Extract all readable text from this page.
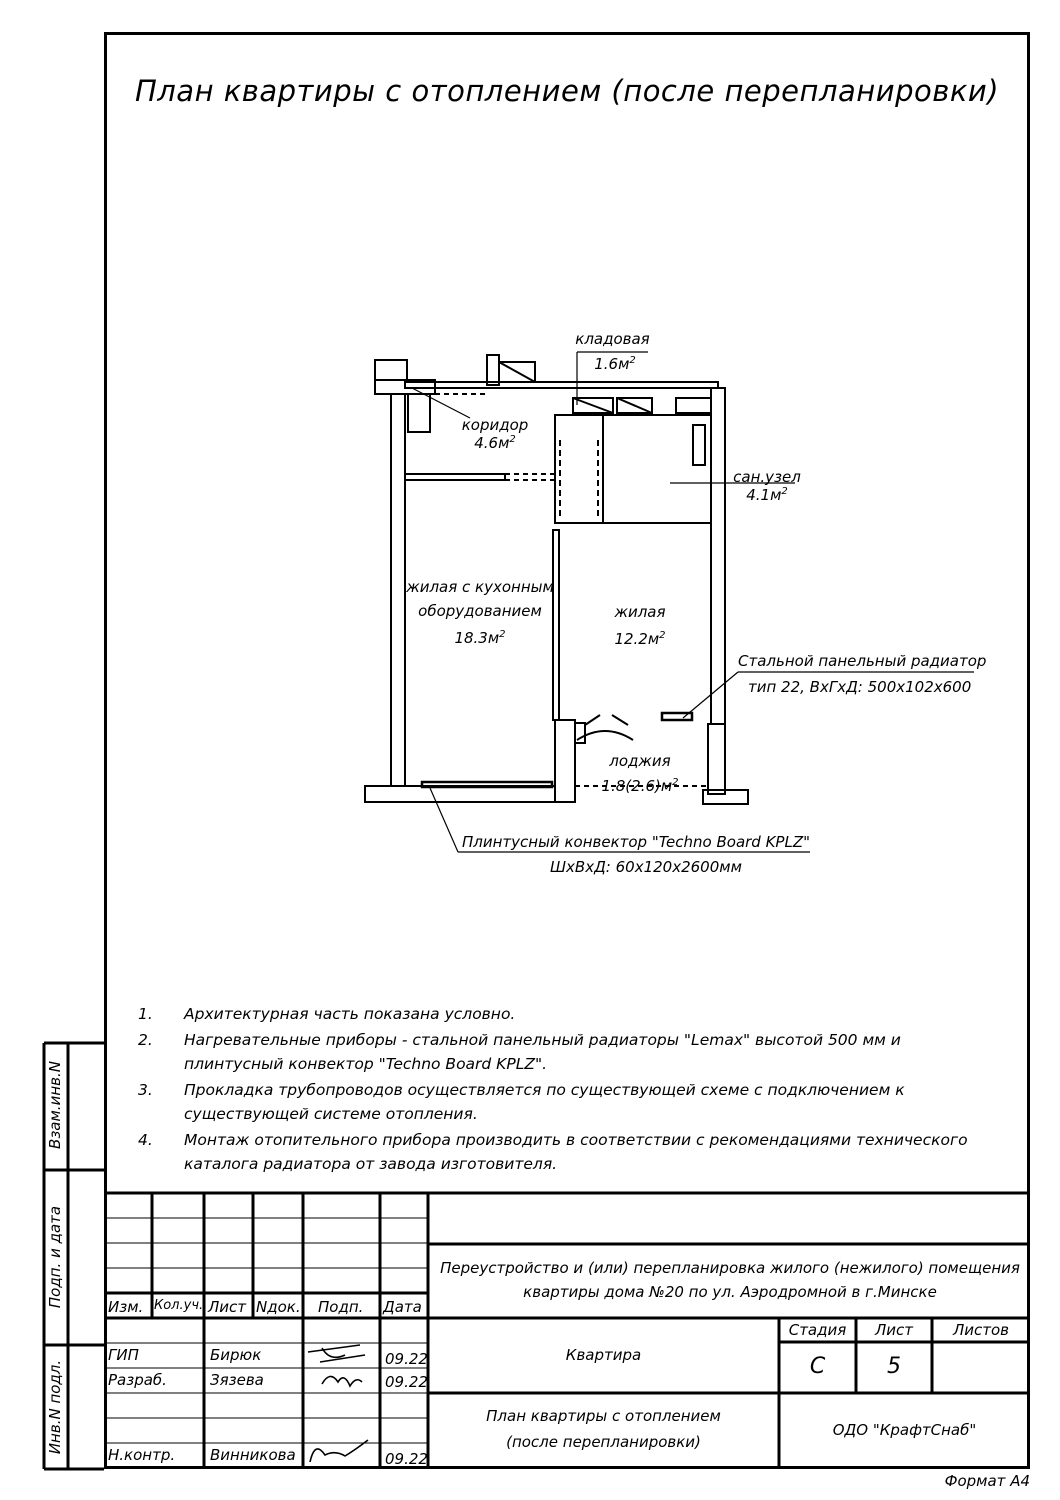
План квартиры с отоплением (после перепланировки)
кладовая
$1.6м^2$
коридор
$4.6м^2$
сан.узел
$4.1м^2$
жилая с кухонным
оборудованием
$18.3м^2$
жилая
$12.2м^2$
лоджия
$1.8(2.6)м^2$
Стальной панельный радиатор
тип 22, ВхГхД: 500х102х600
Плинтусный конвектор "Techno Board KPLZ"
ШхВхД: 60х120х2600мм
1.	Архитектурная часть показана условно.
2.	Нагревательные приборы - стальной панельный радиаторы "Lemax" высотой 500 мм и плинтусный конвектор "Techno Board KPLZ".
3.	Прокладка трубопроводов осуществляется по существующей схеме с подключением к существующей системе отопления.
4.	Монтаж отопительного прибора производить в соответствии с рекомендациями технического каталога радиатора от завода изготовителя.
Взам.инв.N
Подп. и дата
Инв.N подл.
Изм. Кол.уч. Лист Nдок. Подп. Дата
ГИП	Бирюк	09.22
Разраб.	Зязева	09.22
Н.контр. Винникова	09.22
Переустройство и (или) перепланировка жилого (нежилого) помещения квартиры дома №20 по ул. Аэродромной в г.Минске
Квартира
План квартиры с отоплением
(после перепланировки)
Стадия	Лист	Листов
С	5
ОДО "КрафтСнаб"
Формат А4
